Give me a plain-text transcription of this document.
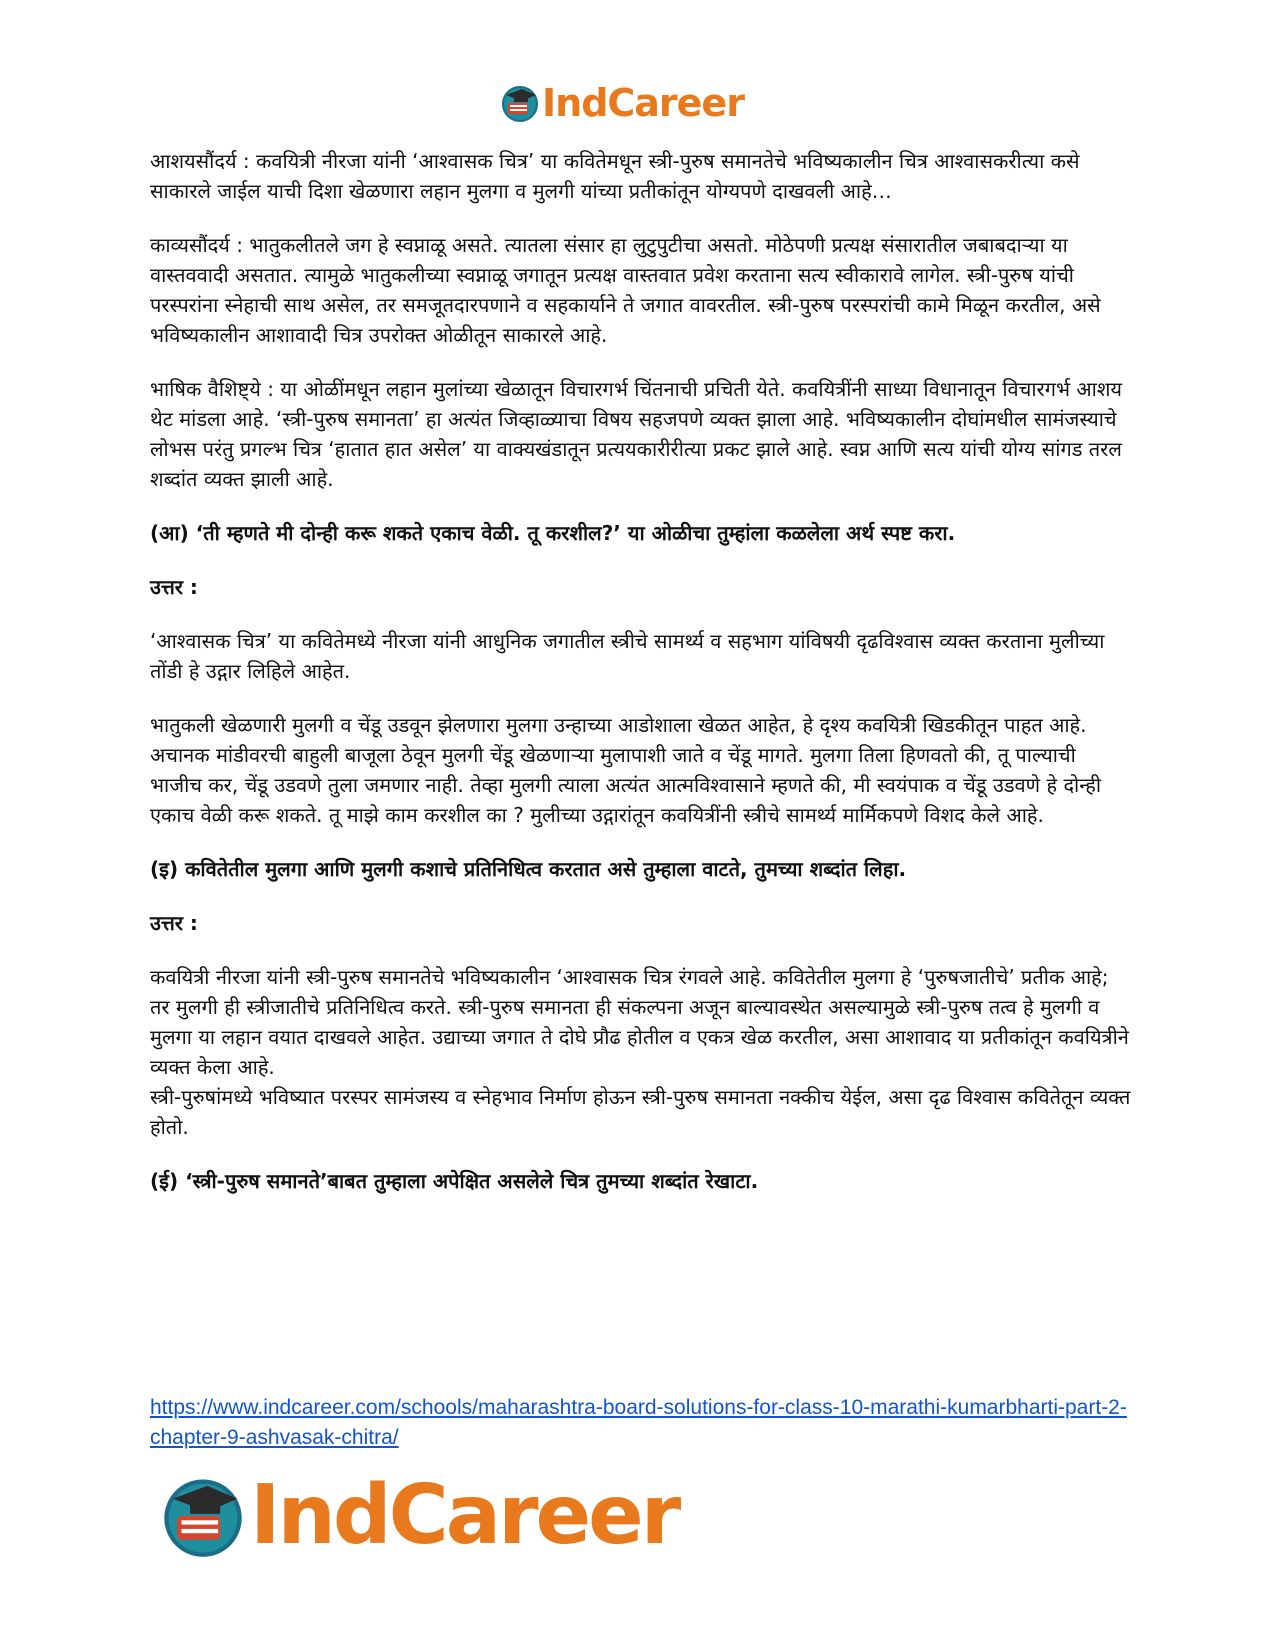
IndCareer

आशयसौंदर्य : कवयित्री नीरजा यांनी ‘आश्वासक चित्र’ या कवितेमधून स्त्री-पुरुष समानतेचे भविष्यकालीन चित्र आश्वासकरीत्या कसे साकारले जाईल याची दिशा खेळणारा लहान मुलगा व मुलगी यांच्या प्रतीकांतून योग्यपणे दाखवली आहे…

काव्यसौंदर्य : भातुकलीतले जग हे स्वप्नाळू असते. त्यातला संसार हा लुटुपुटीचा असतो. मोठेपणी प्रत्यक्ष संसारातील जबाबदाऱ्या या वास्तववादी असतात. त्यामुळे भातुकलीच्या स्वप्नाळू जगातून प्रत्यक्ष वास्तवात प्रवेश करताना सत्य स्वीकारावे लागेल. स्त्री-पुरुष यांची परस्परांना स्नेहाची साथ असेल, तर समजूतदारपणाने व सहकार्याने ते जगात वावरतील. स्त्री-पुरुष परस्परांची कामे मिळून करतील, असे भविष्यकालीन आशावादी चित्र उपरोक्त ओळीतून साकारले आहे.

भाषिक वैशिष्ट्ये : या ओळींमधून लहान मुलांच्या खेळातून विचारगर्भ चिंतनाची प्रचिती येते. कवयित्रींनी साध्या विधानातून विचारगर्भ आशय थेट मांडला आहे. ‘स्त्री-पुरुष समानता’ हा अत्यंत जिव्हाळ्याचा विषय सहजपणे व्यक्त झाला आहे. भविष्यकालीन दोघांमधील सामंजस्याचे लोभस परंतु प्रगल्भ चित्र ‘हातात हात असेल’ या वाक्यखंडातून प्रत्ययकारीरीत्या प्रकट झाले आहे. स्वप्न आणि सत्य यांची योग्य सांगड तरल शब्दांत व्यक्त झाली आहे.

(आ) ‘ती म्हणते मी दोन्ही करू शकते एकाच वेळी. तू करशील?’ या ओळीचा तुम्हांला कळलेला अर्थ स्पष्ट करा.

उत्तर :

‘आश्वासक चित्र’ या कवितेमध्ये नीरजा यांनी आधुनिक जगातील स्त्रीचे सामर्थ्य व सहभाग यांविषयी दृढविश्वास व्यक्त करताना मुलीच्या तोंडी हे उद्गार लिहिले आहेत.

भातुकली खेळणारी मुलगी व चेंडू उडवून झेलणारा मुलगा उन्हाच्या आडोशाला खेळत आहेत, हे दृश्य कवयित्री खिडकीतून पाहत आहे. अचानक मांडीवरची बाहुली बाजूला ठेवून मुलगी चेंडू खेळणाऱ्या मुलापाशी जाते व चेंडू मागते. मुलगा तिला हिणवतो की, तू पाल्याची भाजीच कर, चेंडू उडवणे तुला जमणार नाही. तेव्हा मुलगी त्याला अत्यंत आत्मविश्वासाने म्हणते की, मी स्वयंपाक व चेंडू उडवणे हे दोन्ही एकाच वेळी करू शकते. तू माझे काम करशील का ? मुलीच्या उद्गारांतून कवयित्रींनी स्त्रीचे सामर्थ्य मार्मिकपणे विशद केले आहे.

(इ) कवितेतील मुलगा आणि मुलगी कशाचे प्रतिनिधित्व करतात असे तुम्हाला वाटते, तुमच्या शब्दांत लिहा.

उत्तर :

कवयित्री नीरजा यांनी स्त्री-पुरुष समानतेचे भविष्यकालीन ‘आश्वासक चित्र रंगवले आहे. कवितेतील मुलगा हे ‘पुरुषजातीचे’ प्रतीक आहे; तर मुलगी ही स्त्रीजातीचे प्रतिनिधित्व करते. स्त्री-पुरुष समानता ही संकल्पना अजून बाल्यावस्थेत असल्यामुळे स्त्री-पुरुष तत्व हे मुलगी व मुलगा या लहान वयात दाखवले आहेत. उद्याच्या जगात ते दोघे प्रौढ होतील व एकत्र खेळ करतील, असा आशावाद या प्रतीकांतून कवयित्रीने व्यक्त केला आहे.

स्त्री-पुरुषांमध्ये भविष्यात परस्पर सामंजस्य व स्नेहभाव निर्माण होऊन स्त्री-पुरुष समानता नक्कीच येईल, असा दृढ विश्वास कवितेतून व्यक्त होतो.

(ई) ‘स्त्री-पुरुष समानते’बाबत तुम्हाला अपेक्षित असलेले चित्र तुमच्या शब्दांत रेखाटा.

https://www.indcareer.com/schools/maharashtra-board-solutions-for-class-10-marathi-kumarbharti-part-2-chapter-9-ashvasak-chitra/
IndCareer
